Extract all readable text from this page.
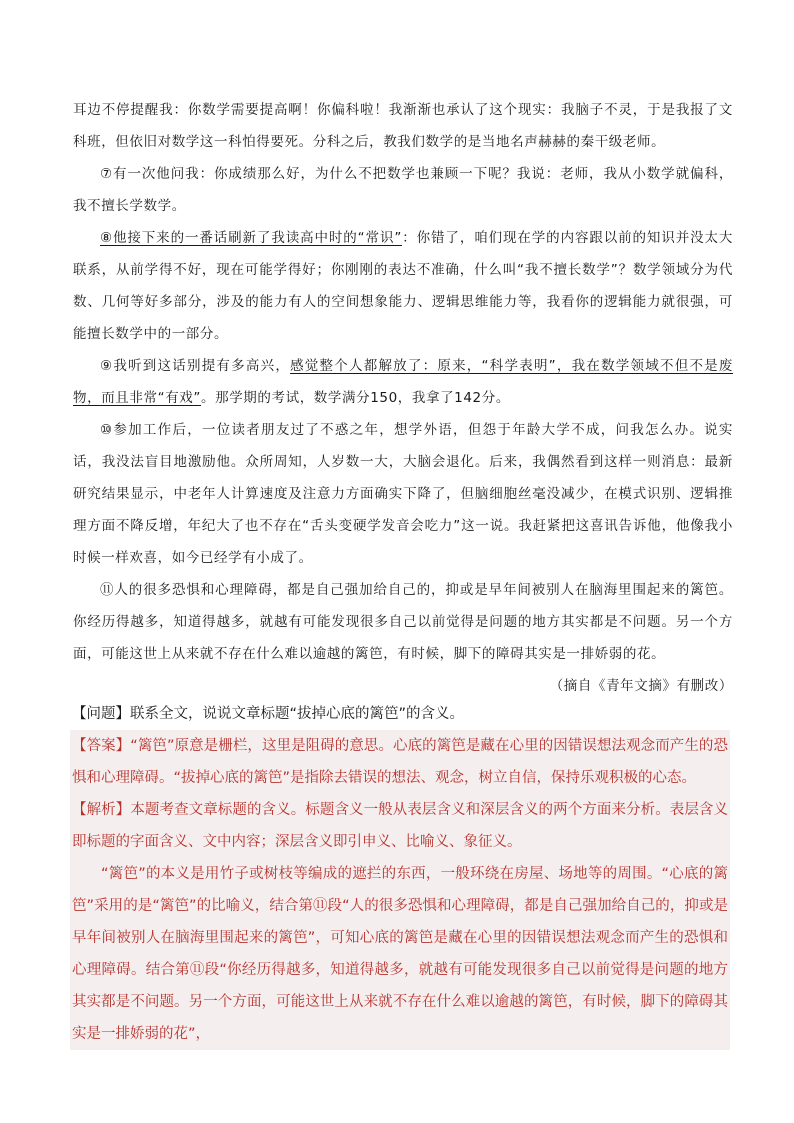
耳边不停提醒我：你数学需要提高啊！你偏科啦！我渐渐也承认了这个现实：我脑子不灵，于是我报了文科班，但依旧对数学这一科怕得要死。分科之后，教我们数学的是当地名声赫赫的秦干级老师。

⑦有一次他问我：你成绩那么好，为什么不把数学也兼顾一下呢？我说：老师，我从小数学就偏科，我不擅长学数学。

⑧他接下来的一番话刷新了我读高中时的“常识”：你错了，咱们现在学的内容跟以前的知识并没太大联系，从前学得不好，现在可能学得好；你刚刚的表达不准确，什么叫“我不擅长数学”？数学领域分为代数、几何等好多部分，涉及的能力有人的空间想象能力、逻辑思维能力等，我看你的逻辑能力就很强，可能擅长数学中的一部分。

⑨我听到这话别提有多高兴，感觉整个人都解放了：原来，“科学表明”，我在数学领域不但不是废物，而且非常“有戏”。那学期的考试，数学满分150，我拿了142分。

⑩参加工作后，一位读者朋友过了不惑之年，想学外语，但怨于年龄大学不成，问我怎么办。说实话，我没法盲目地激励他。众所周知，人岁数一大，大脑会退化。后来，我偶然看到这样一则消息：最新研究结果显示，中老年人计算速度及注意力方面确实下降了，但脑细胞丝毫没减少，在模式识别、逻辑推理方面不降反增，年纪大了也不存在“舌头变硬学发音会吃力”这一说。我赶紧把这喜讯告诉他，他像我小时候一样欢喜，如今已经学有小成了。

⑪人的很多恐惧和心理障碍，都是自己强加给自己的，抑或是早年间被别人在脑海里围起来的篱笆。你经历得越多，知道得越多，就越有可能发现很多自己以前觉得是问题的地方其实都是不问题。另一个方面，可能这世上从来就不存在什么难以逾越的篱笆，有时候，脚下的障碍其实是一排娇弱的花。

（摘自《青年文摘》有删改）

【问题】联系全文，说说文章标题“拔掉心底的篱笆”的含义。

【答案】“篱笆”原意是栅栏，这里是阻碍的意思。心底的篱笆是藏在心里的因错误想法观念而产生的恐惧和心理障碍。“拔掉心底的篱笆”是指除去错误的想法、观念，树立自信，保持乐观积极的心态。

【解析】本题考查文章标题的含义。标题含义一般从表层含义和深层含义的两个方面来分析。表层含义即标题的字面含义、文中内容；深层含义即引申义、比喻义、象征义。

“篱笆”的本义是用竹子或树枝等编成的遮拦的东西，一般环绕在房屋、场地等的周围。“心底的篱笆”采用的是“篱笆”的比喻义，结合第⑪段“人的很多恐惧和心理障碍，都是自己强加给自己的，抑或是早年间被别人在脑海里围起来的篱笆”，可知心底的篱笆是藏在心里的因错误想法观念而产生的恐惧和心理障碍。结合第⑪段“你经历得越多，知道得越多，就越有可能发现很多自己以前觉得是问题的地方其实都是不问题。另一个方面，可能这世上从来就不存在什么难以逾越的篱笆，有时候，脚下的障碍其实是一排娇弱的花”，
